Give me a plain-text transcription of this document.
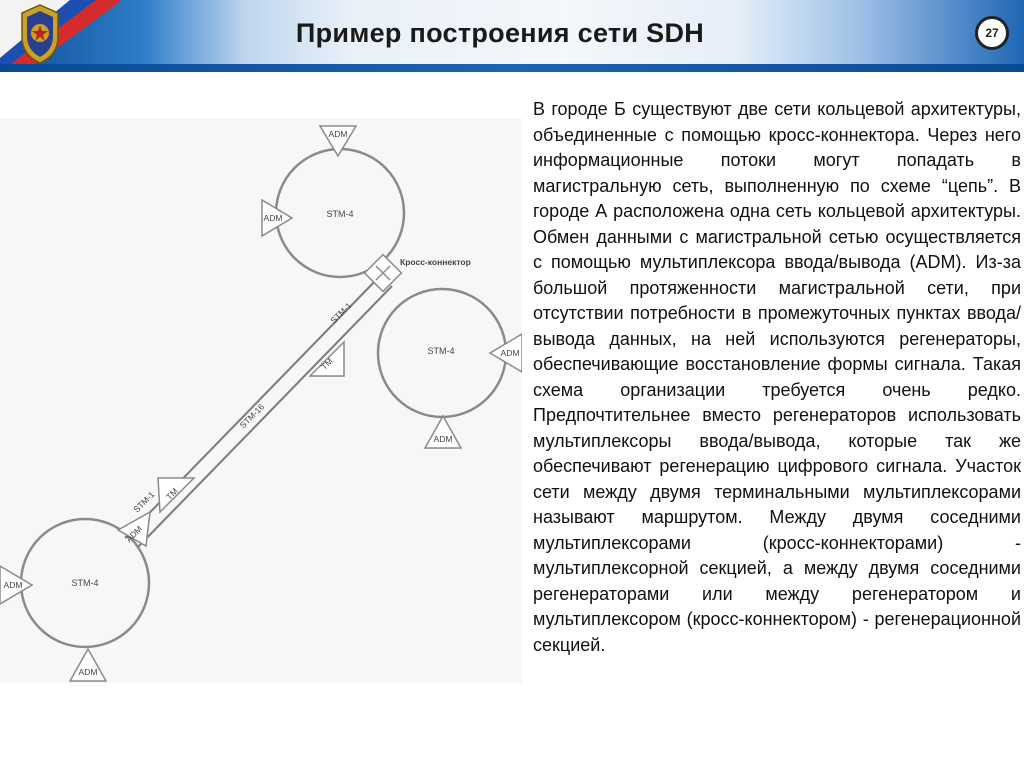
Пример построения сети SDH	27
STM-4
STM-4
STM-4
ADM
ADM
ADM
ADM
ADM
ADM
ADM
TM
TM
Кросс-коннектор
STM-1
STM-16
STM-1

В городе Б существуют две сети кольцевой архитектуры, объединенные с помощью кросс-коннектора. Через него информационные потоки могут попадать в магистральную сеть, выполненную по схеме “цепь”. В городе А расположена одна сеть кольцевой архитектуры. Обмен данными с магистральной сетью осуществляется с помощью мультиплексора ввода/вывода (ADM). Из-за большой протяженности магистральной сети, при отсутствии потребности в промежуточных пунктах ввода/вывода данных, на ней используются регенераторы, обеспечивающие восстановление формы сигнала. Такая схема организации требуется очень редко. Предпочтительнее вместо регенераторов использовать мультиплексоры ввода/вывода, которые так же обеспечивают регенерацию цифрового сигнала. Участок сети между двумя терминальными мультиплексорами называют маршрутом. Между двумя соседними мультиплексорами (кросс-коннекторами) - мультиплексорной секцией, а между двумя соседними регенераторами или между регенератором и мультиплексором (кросс-коннектором) - регенерационной секцией.
